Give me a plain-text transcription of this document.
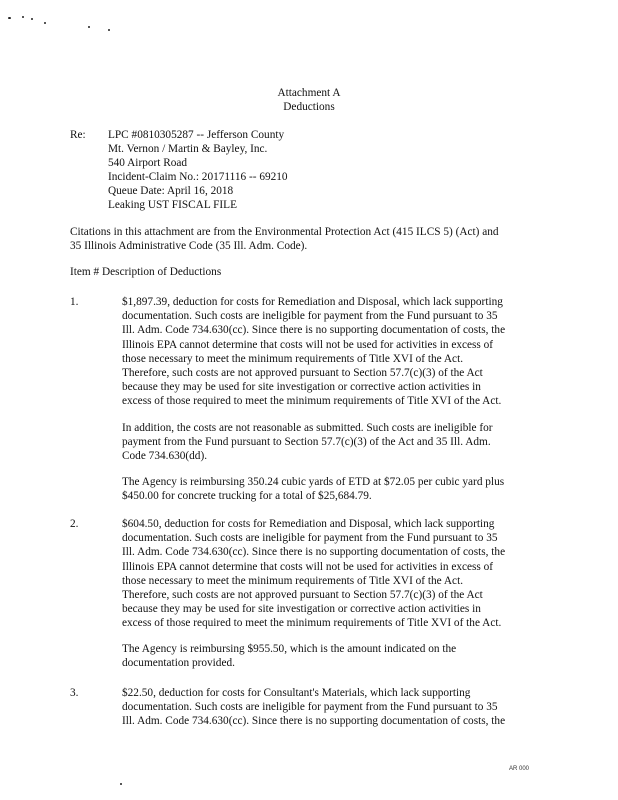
Attachment A
Deductions
Re: LPC #0810305287 -- Jefferson County
Mt. Vernon / Martin & Bayley, Inc.
540 Airport Road
Incident-Claim No.: 20171116 -- 69210
Queue Date: April 16, 2018
Leaking UST FISCAL FILE
Citations in this attachment are from the Environmental Protection Act (415 ILCS 5) (Act) and
35 Illinois Administrative Code (35 Ill. Adm. Code).
Item # Description of Deductions
1.	$1,897.39, deduction for costs for Remediation and Disposal, which lack supporting
documentation. Such costs are ineligible for payment from the Fund pursuant to 35
Ill. Adm. Code 734.630(cc). Since there is no supporting documentation of costs, the
Illinois EPA cannot determine that costs will not be used for activities in excess of
those necessary to meet the minimum requirements of Title XVI of the Act.
Therefore, such costs are not approved pursuant to Section 57.7(c)(3) of the Act
because they may be used for site investigation or corrective action activities in
excess of those required to meet the minimum requirements of Title XVI of the Act.
In addition, the costs are not reasonable as submitted. Such costs are ineligible for
payment from the Fund pursuant to Section 57.7(c)(3) of the Act and 35 Ill. Adm.
Code 734.630(dd).
The Agency is reimbursing 350.24 cubic yards of ETD at $72.05 per cubic yard plus
$450.00 for concrete trucking for a total of $25,684.79.
2.	$604.50, deduction for costs for Remediation and Disposal, which lack supporting
documentation. Such costs are ineligible for payment from the Fund pursuant to 35
Ill. Adm. Code 734.630(cc). Since there is no supporting documentation of costs, the
Illinois EPA cannot determine that costs will not be used for activities in excess of
those necessary to meet the minimum requirements of Title XVI of the Act.
Therefore, such costs are not approved pursuant to Section 57.7(c)(3) of the Act
because they may be used for site investigation or corrective action activities in
excess of those required to meet the minimum requirements of Title XVI of the Act.
The Agency is reimbursing $955.50, which is the amount indicated on the
documentation provided.
3.	$22.50, deduction for costs for Consultant's Materials, which lack supporting
documentation. Such costs are ineligible for payment from the Fund pursuant to 35
Ill. Adm. Code 734.630(cc). Since there is no supporting documentation of costs, the
AR 000
